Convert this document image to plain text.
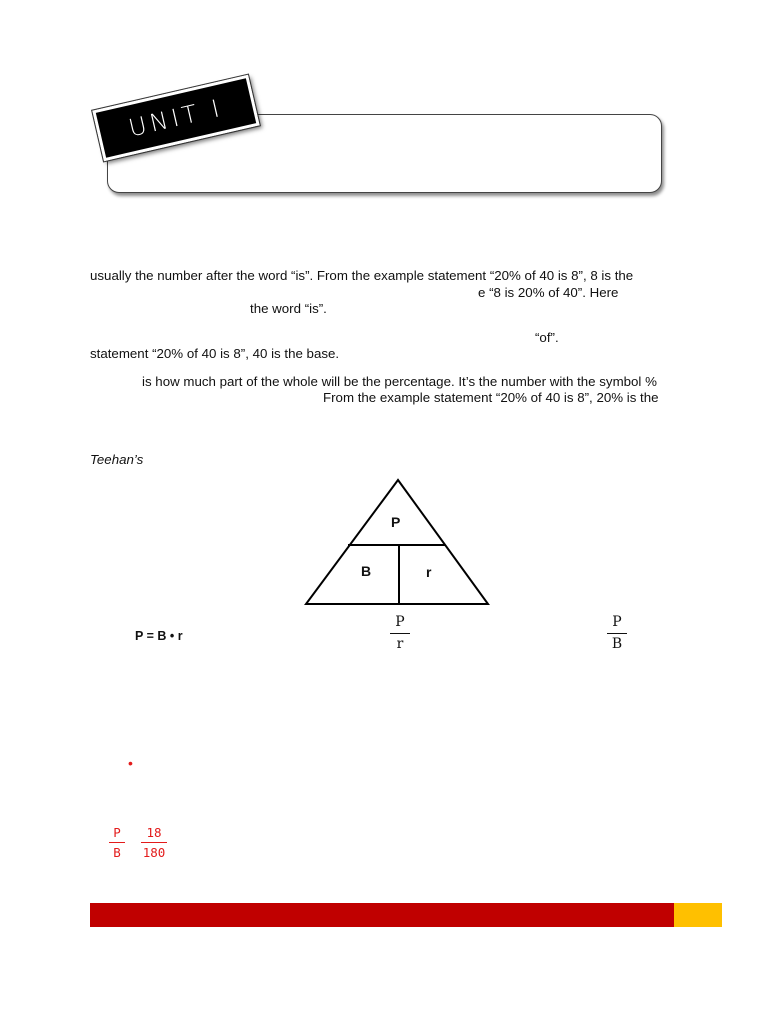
UNIT I
usually the number after the word “is”. From the example statement “20% of 40 is 8”, 8 is the
e “8 is 20% of 40”. Here
the word “is”.
“of”.
statement “20% of 40 is 8”, 40 is the base.
is how much part of the whole will be the percentage. It’s the number with the symbol %
From the example statement “20% of 40 is 8”, 20% is the
Teehan’s
P
B	r
P = B • r
P
r
P
B
•
P
B
18
180
